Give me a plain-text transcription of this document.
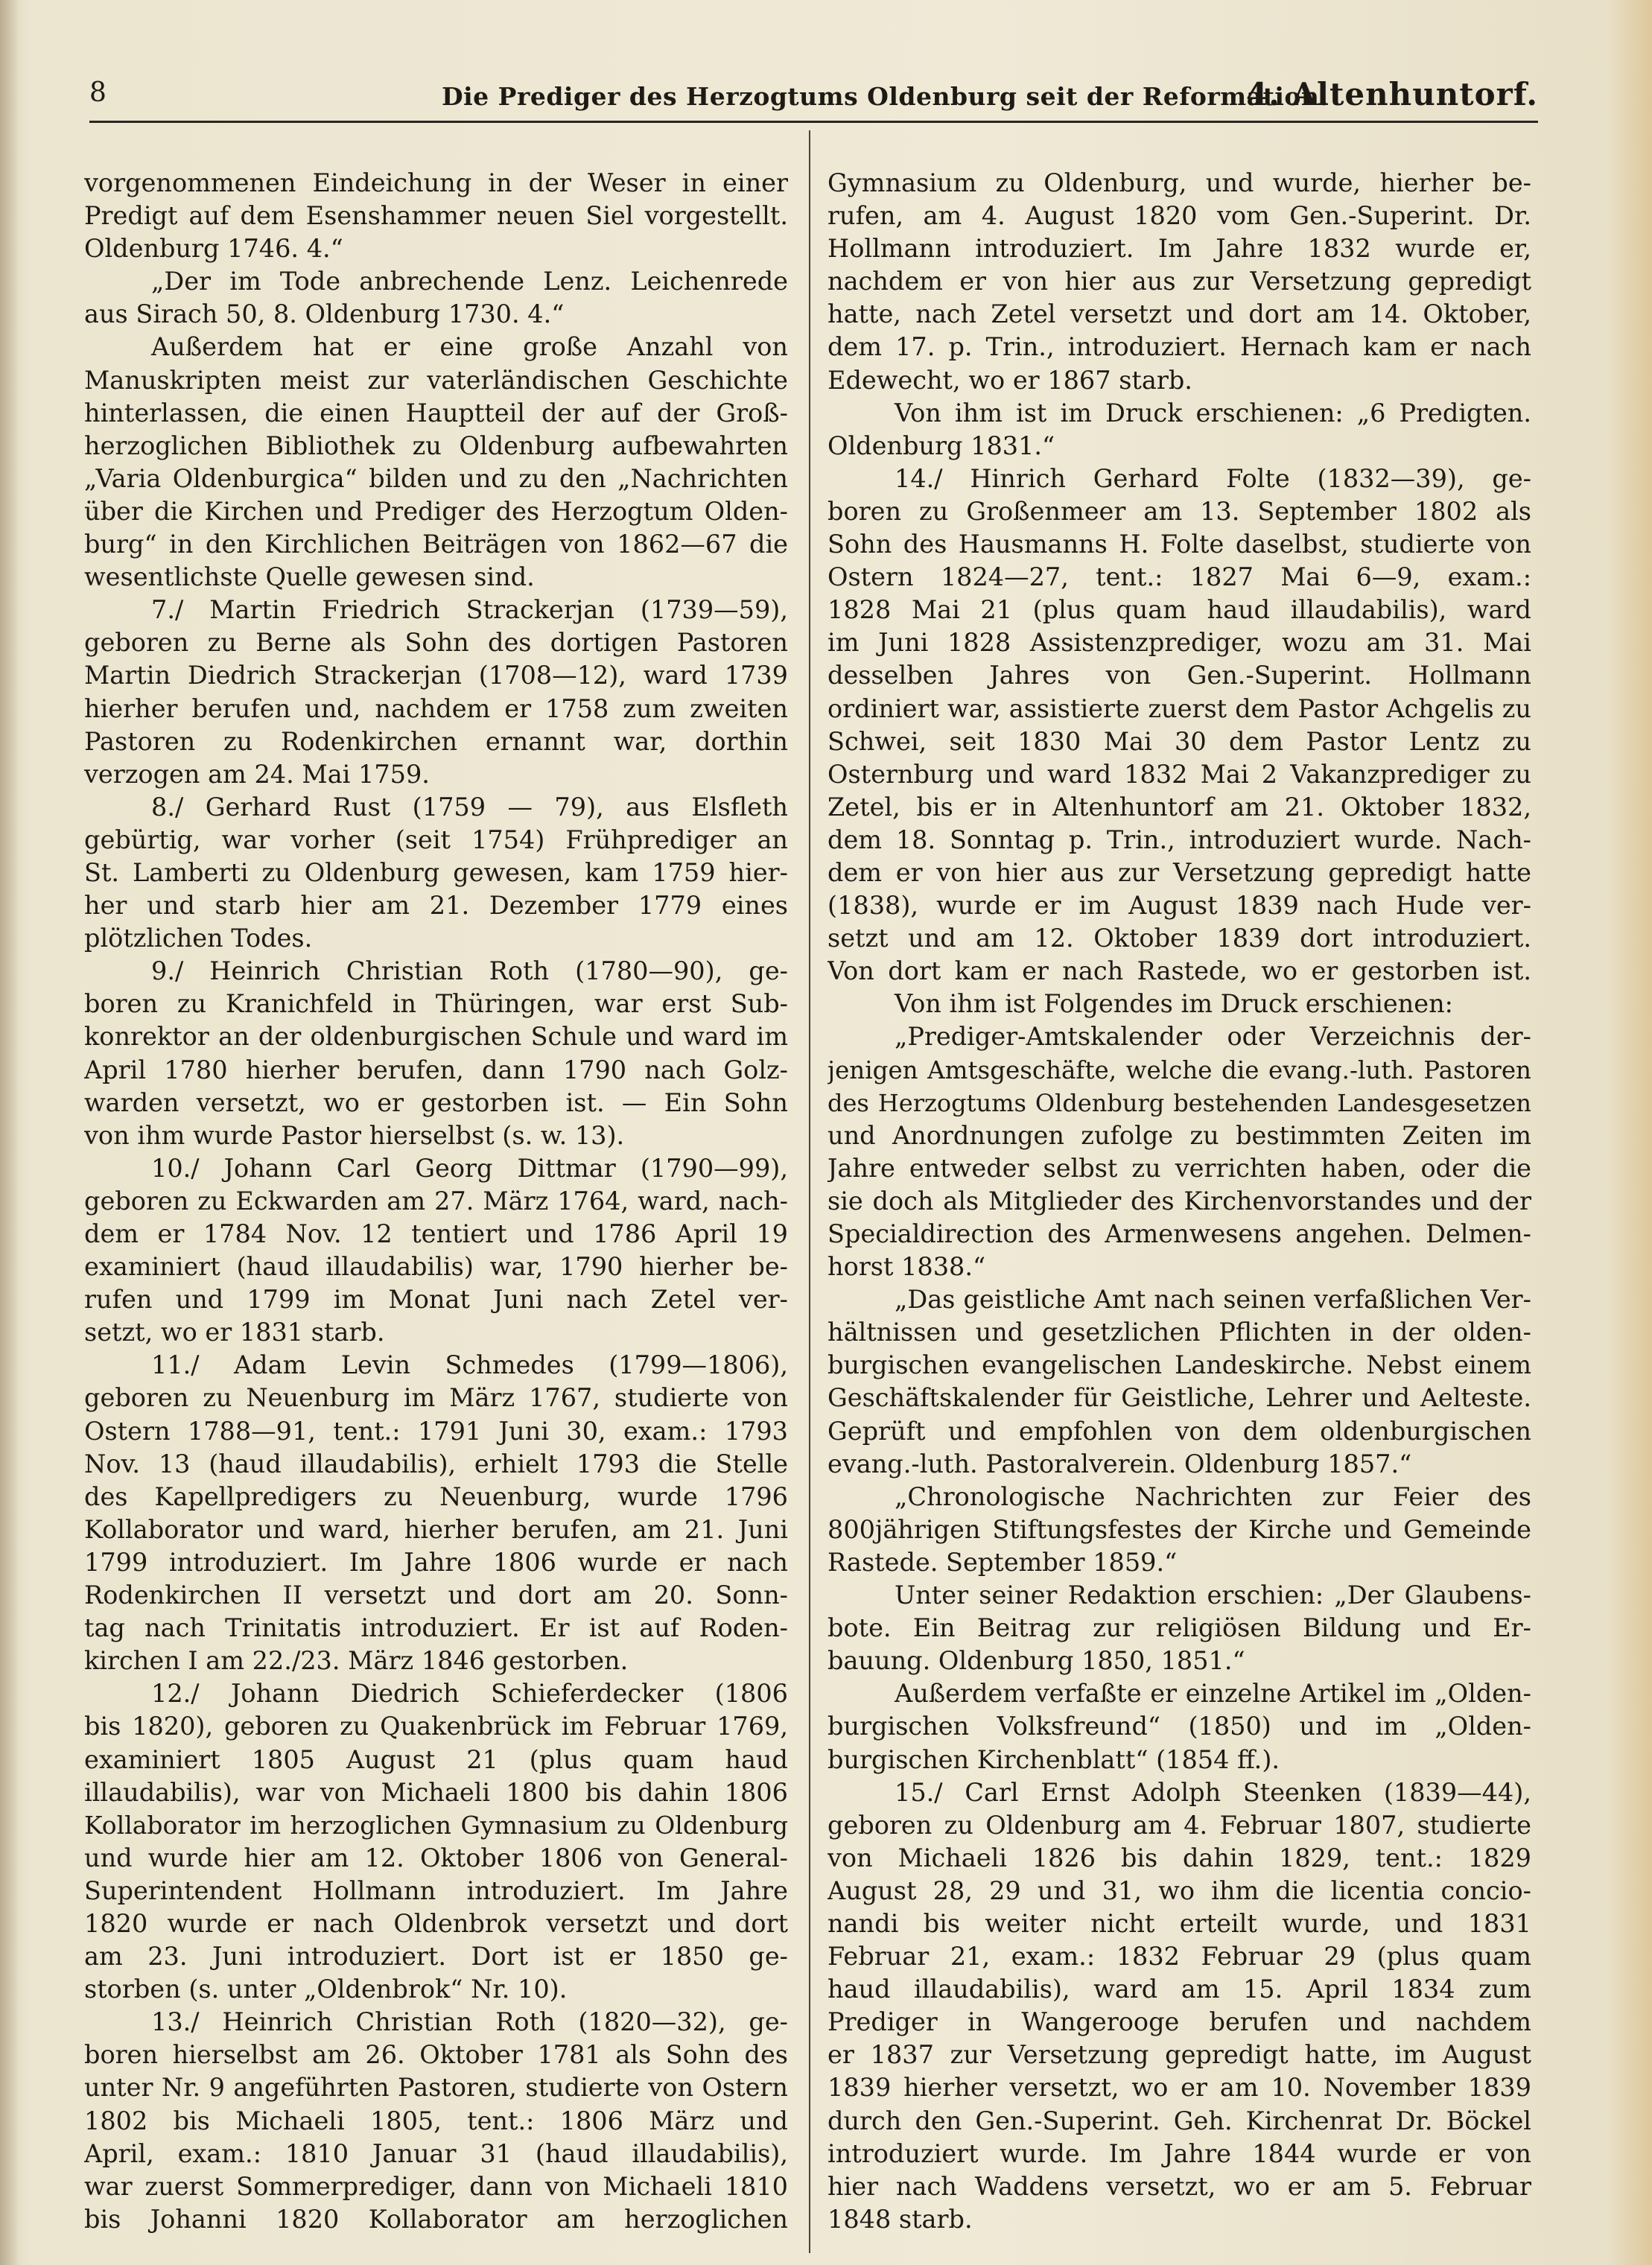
8	Die Prediger des Herzogtums Oldenburg seit der Reformation.
4. Altenhuntorf.
vorgenommenen Eindeichung in der Weser in einer
Predigt auf dem Esenshammer neuen Siel vorgestellt.
Oldenburg 1746. 4.“
„Der im Tode anbrechende Lenz. Leichenrede
aus Sirach 50, 8. Oldenburg 1730. 4.“
Außerdem hat er eine große Anzahl von
Manuskripten meist zur vaterländischen Geschichte
hinterlassen, die einen Hauptteil der auf der Groß-
herzoglichen Bibliothek zu Oldenburg aufbewahrten
„Varia Oldenburgica“ bilden und zu den „Nachrichten
über die Kirchen und Prediger des Herzogtum Olden-
burg“ in den Kirchlichen Beiträgen von 1862—67 die
wesentlichste Quelle gewesen sind.
7./ Martin Friedrich Strackerjan (1739—59),
geboren zu Berne als Sohn des dortigen Pastoren
Martin Diedrich Strackerjan (1708—12), ward 1739
hierher berufen und, nachdem er 1758 zum zweiten
Pastoren zu Rodenkirchen ernannt war, dorthin
verzogen am 24. Mai 1759.
8./ Gerhard Rust (1759 — 79), aus Elsfleth
gebürtig, war vorher (seit 1754) Frühprediger an
St. Lamberti zu Oldenburg gewesen, kam 1759 hier-
her und starb hier am 21. Dezember 1779 eines
plötzlichen Todes.
9./ Heinrich Christian Roth (1780—90), ge-
boren zu Kranichfeld in Thüringen, war erst Sub-
konrektor an der oldenburgischen Schule und ward im
April 1780 hierher berufen, dann 1790 nach Golz-
warden versetzt, wo er gestorben ist. — Ein Sohn
von ihm wurde Pastor hierselbst (s. w. 13).
10./ Johann Carl Georg Dittmar (1790—99),
geboren zu Eckwarden am 27. März 1764, ward, nach-
dem er 1784 Nov. 12 tentiert und 1786 April 19
examiniert (haud illaudabilis) war, 1790 hierher be-
rufen und 1799 im Monat Juni nach Zetel ver-
setzt, wo er 1831 starb.
11./ Adam Levin Schmedes (1799—1806),
geboren zu Neuenburg im März 1767, studierte von
Ostern 1788—91, tent.: 1791 Juni 30, exam.: 1793
Nov. 13 (haud illaudabilis), erhielt 1793 die Stelle
des Kapellpredigers zu Neuenburg, wurde 1796
Kollaborator und ward, hierher berufen, am 21. Juni
1799 introduziert. Im Jahre 1806 wurde er nach
Rodenkirchen II versetzt und dort am 20. Sonn-
tag nach Trinitatis introduziert. Er ist auf Roden-
kirchen I am 22./23. März 1846 gestorben.
12./ Johann Diedrich Schieferdecker (1806
bis 1820), geboren zu Quakenbrück im Februar 1769,
examiniert 1805 August 21 (plus quam haud
illaudabilis), war von Michaeli 1800 bis dahin 1806
Kollaborator im herzoglichen Gymnasium zu Oldenburg
und wurde hier am 12. Oktober 1806 von General-
Superintendent Hollmann introduziert. Im Jahre
1820 wurde er nach Oldenbrok versetzt und dort
am 23. Juni introduziert. Dort ist er 1850 ge-
storben (s. unter „Oldenbrok“ Nr. 10).
13./ Heinrich Christian Roth (1820—32), ge-
boren hierselbst am 26. Oktober 1781 als Sohn des
unter Nr. 9 angeführten Pastoren, studierte von Ostern
1802 bis Michaeli 1805, tent.: 1806 März und
April, exam.: 1810 Januar 31 (haud illaudabilis),
war zuerst Sommerprediger, dann von Michaeli 1810
bis Johanni 1820 Kollaborator am herzoglichen
Gymnasium zu Oldenburg, und wurde, hierher be-
rufen, am 4. August 1820 vom Gen.-Superint. Dr.
Hollmann introduziert. Im Jahre 1832 wurde er,
nachdem er von hier aus zur Versetzung gepredigt
hatte, nach Zetel versetzt und dort am 14. Oktober,
dem 17. p. Trin., introduziert. Hernach kam er nach
Edewecht, wo er 1867 starb.
Von ihm ist im Druck erschienen: „6 Predigten.
Oldenburg 1831.“
14./ Hinrich Gerhard Folte (1832—39), ge-
boren zu Großenmeer am 13. September 1802 als
Sohn des Hausmanns H. Folte daselbst, studierte von
Ostern 1824—27, tent.: 1827 Mai 6—9, exam.:
1828 Mai 21 (plus quam haud illaudabilis), ward
im Juni 1828 Assistenzprediger, wozu am 31. Mai
desselben Jahres von Gen.-Superint. Hollmann
ordiniert war, assistierte zuerst dem Pastor Achgelis zu
Schwei, seit 1830 Mai 30 dem Pastor Lentz zu
Osternburg und ward 1832 Mai 2 Vakanzprediger zu
Zetel, bis er in Altenhuntorf am 21. Oktober 1832,
dem 18. Sonntag p. Trin., introduziert wurde. Nach-
dem er von hier aus zur Versetzung gepredigt hatte
(1838), wurde er im August 1839 nach Hude ver-
setzt und am 12. Oktober 1839 dort introduziert.
Von dort kam er nach Rastede, wo er gestorben ist.
Von ihm ist Folgendes im Druck erschienen:
„Prediger-Amtskalender oder Verzeichnis der-
jenigen Amtsgeschäfte, welche die evang.-luth. Pastoren
des Herzogtums Oldenburg bestehenden Landesgesetzen
und Anordnungen zufolge zu bestimmten Zeiten im
Jahre entweder selbst zu verrichten haben, oder die
sie doch als Mitglieder des Kirchenvorstandes und der
Specialdirection des Armenwesens angehen. Delmen-
horst 1838.“
„Das geistliche Amt nach seinen verfaßlichen Ver-
hältnissen und gesetzlichen Pflichten in der olden-
burgischen evangelischen Landeskirche. Nebst einem
Geschäftskalender für Geistliche, Lehrer und Aelteste.
Geprüft und empfohlen von dem oldenburgischen
evang.-luth. Pastoralverein. Oldenburg 1857.“
„Chronologische Nachrichten zur Feier des
800jährigen Stiftungsfestes der Kirche und Gemeinde
Rastede. September 1859.“
Unter seiner Redaktion erschien: „Der Glaubens-
bote. Ein Beitrag zur religiösen Bildung und Er-
bauung. Oldenburg 1850, 1851.“
Außerdem verfaßte er einzelne Artikel im „Olden-
burgischen Volksfreund“ (1850) und im „Olden-
burgischen Kirchenblatt“ (1854 ff.).
15./ Carl Ernst Adolph Steenken (1839—44),
geboren zu Oldenburg am 4. Februar 1807, studierte
von Michaeli 1826 bis dahin 1829, tent.: 1829
August 28, 29 und 31, wo ihm die licentia concio-
nandi bis weiter nicht erteilt wurde, und 1831
Februar 21, exam.: 1832 Februar 29 (plus quam
haud illaudabilis), ward am 15. April 1834 zum
Prediger in Wangerooge berufen und nachdem
er 1837 zur Versetzung gepredigt hatte, im August
1839 hierher versetzt, wo er am 10. November 1839
durch den Gen.-Superint. Geh. Kirchenrat Dr. Böckel
introduziert wurde. Im Jahre 1844 wurde er von
hier nach Waddens versetzt, wo er am 5. Februar
1848 starb.
